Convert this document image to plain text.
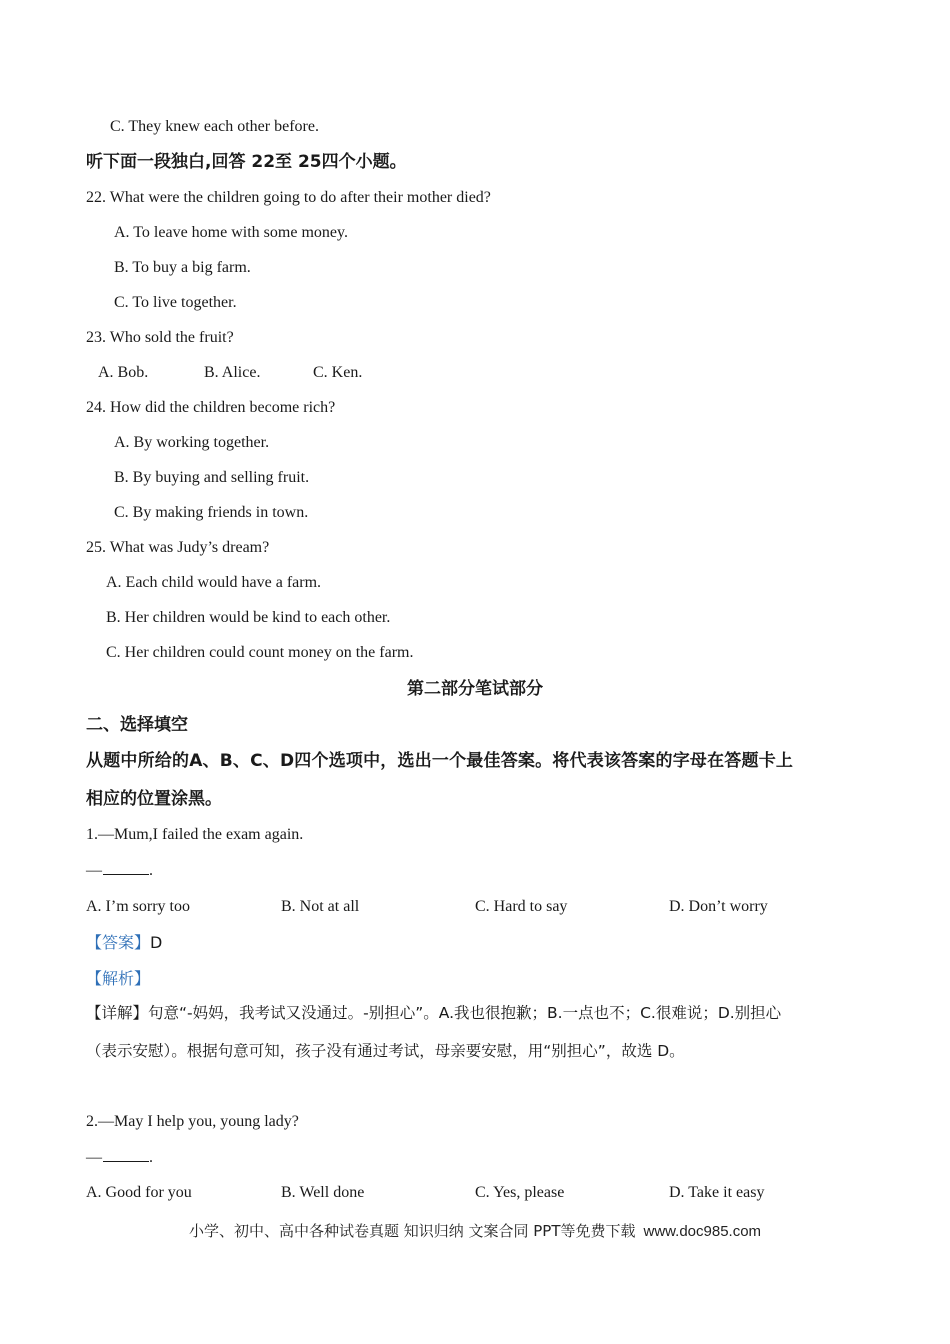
C. They knew each other before.
听下面一段独白,回答 22至 25四个小题。
22. What were the children going to do after their mother died?
A. To leave home with some money.
B. To buy a big farm.
C. To live together.
23. Who sold the fruit?
A. Bob.	B. Alice.	C. Ken.
24. How did the children become rich?
A. By working together.
B. By buying and selling fruit.
C. By making friends in town.
25. What was Judy’s dream?
A. Each child would have a farm.
B. Her children would be kind to each other.
C. Her children could count money on the farm.
第二部分笔试部分
二、选择填空
从题中所给的A、B、C、D四个选项中，选出一个最佳答案。将代表该答案的字母在答题卡上
相应的位置涂黑。
1.—Mum,I failed the exam again.
—	.
A. I’m sorry too	B. Not at all	C. Hard to say	D. Don’t worry
【答案】D
【解析】
【详解】句意“-妈妈，我考试又没通过。-别担心”。A.我也很抱歉；B.一点也不；C.很难说；D.别担心
（表示安慰）。根据句意可知，孩子没有通过考试，母亲要安慰，用“别担心”，故选 D。
2.—May I help you, young lady?
—	.
A. Good for you	B. Well done	C. Yes, please	D. Take it easy
小学、初中、高中各种试卷真题 知识归纳 文案合同 PPT等免费下载 www.doc985.com
